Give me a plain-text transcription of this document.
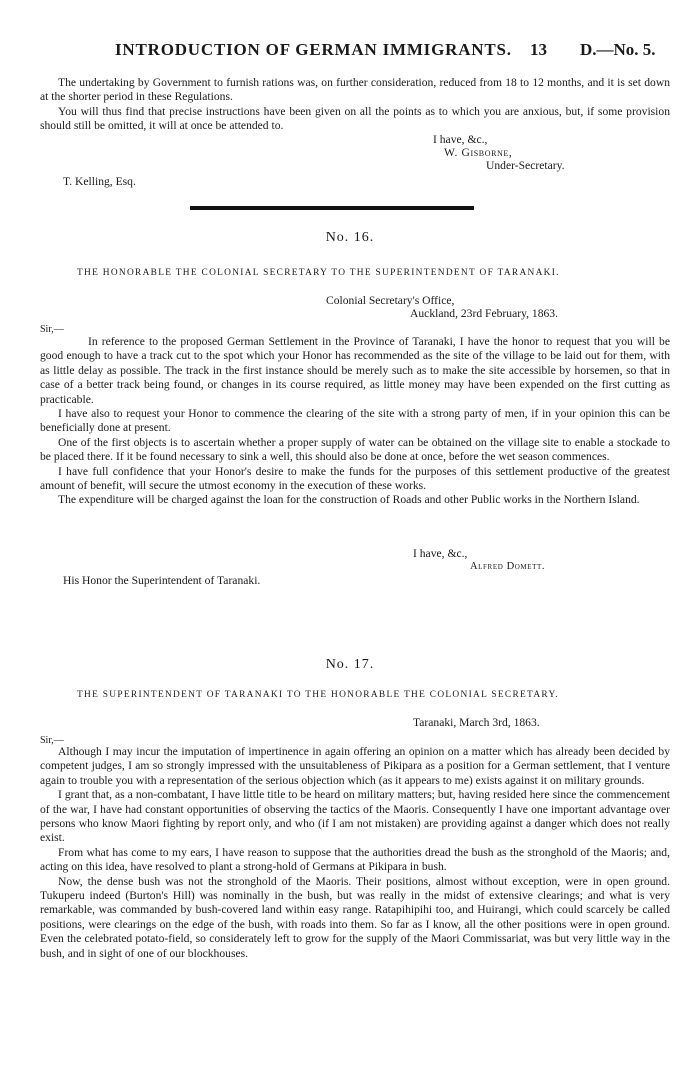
INTRODUCTION OF GERMAN IMMIGRANTS.	13 D.—No. 5.

The undertaking by Government to furnish rations was, on further consideration, reduced from 18 to 12 months, and it is set down at the shorter period in these Regulations.

You will thus find that precise instructions have been given on all the points as to which you are anxious, but, if some provision should still be omitted, it will at once be attended to.

I have, &c.,
W. Gisborne,
Under-Secretary.
T. Kelling, Esq.
No. 16.
THE HONORABLE THE COLONIAL SECRETARY TO THE SUPERINTENDENT OF TARANAKI.
Colonial Secretary's Office,
Auckland, 23rd February, 1863.
Sir,—

In reference to the proposed German Settlement in the Province of Taranaki, I have the honor to request that you will be good enough to have a track cut to the spot which your Honor has recommended as the site of the village to be laid out for them, with as little delay as possible. The track in the first instance should be merely such as to make the site accessible by horsemen, so that in case of a better track being found, or changes in its course required, as little money may have been expended on the first cutting as practicable.

I have also to request your Honor to commence the clearing of the site with a strong party of men, if in your opinion this can be beneficially done at present.

One of the first objects is to ascertain whether a proper supply of water can be obtained on the village site to enable a stockade to be placed there. If it be found necessary to sink a well, this should also be done at once, before the wet season commences.

I have full confidence that your Honor's desire to make the funds for the purposes of this settlement productive of the greatest amount of benefit, will secure the utmost economy in the execution of these works.

The expenditure will be charged against the loan for the construction of Roads and other Public works in the Northern Island.

I have, &c.,
Alfred Domett.
His Honor the Superintendent of Taranaki.
No. 17.
THE SUPERINTENDENT OF TARANAKI TO THE HONORABLE THE COLONIAL SECRETARY.
Taranaki, March 3rd, 1863.
Sir,—

Although I may incur the imputation of impertinence in again offering an opinion on a matter which has already been decided by competent judges, I am so strongly impressed with the unsuitableness of Pikipara as a position for a German settlement, that I venture again to trouble you with a representation of the serious objection which (as it appears to me) exists against it on military grounds.

I grant that, as a non-combatant, I have little title to be heard on military matters; but, having resided here since the commencement of the war, I have had constant opportunities of observing the tactics of the Maoris. Consequently I have one important advantage over persons who know Maori fighting by report only, and who (if I am not mistaken) are providing against a danger which does not really exist.

From what has come to my ears, I have reason to suppose that the authorities dread the bush as the stronghold of the Maoris; and, acting on this idea, have resolved to plant a strong-hold of Germans at Pikipara in bush.

Now, the dense bush was not the stronghold of the Maoris. Their positions, almost without exception, were in open ground. Tukuperu indeed (Burton's Hill) was nominally in the bush, but was really in the midst of extensive clearings; and what is very remarkable, was commanded by bush-covered land within easy range. Ratapihipihi too, and Huirangi, which could scarcely be called positions, were clearings on the edge of the bush, with roads into them. So far as I know, all the other positions were in open ground. Even the celebrated potato-field, so considerately left to grow for the supply of the Maori Commissariat, was but very little way in the bush, and in sight of one of our blockhouses.
